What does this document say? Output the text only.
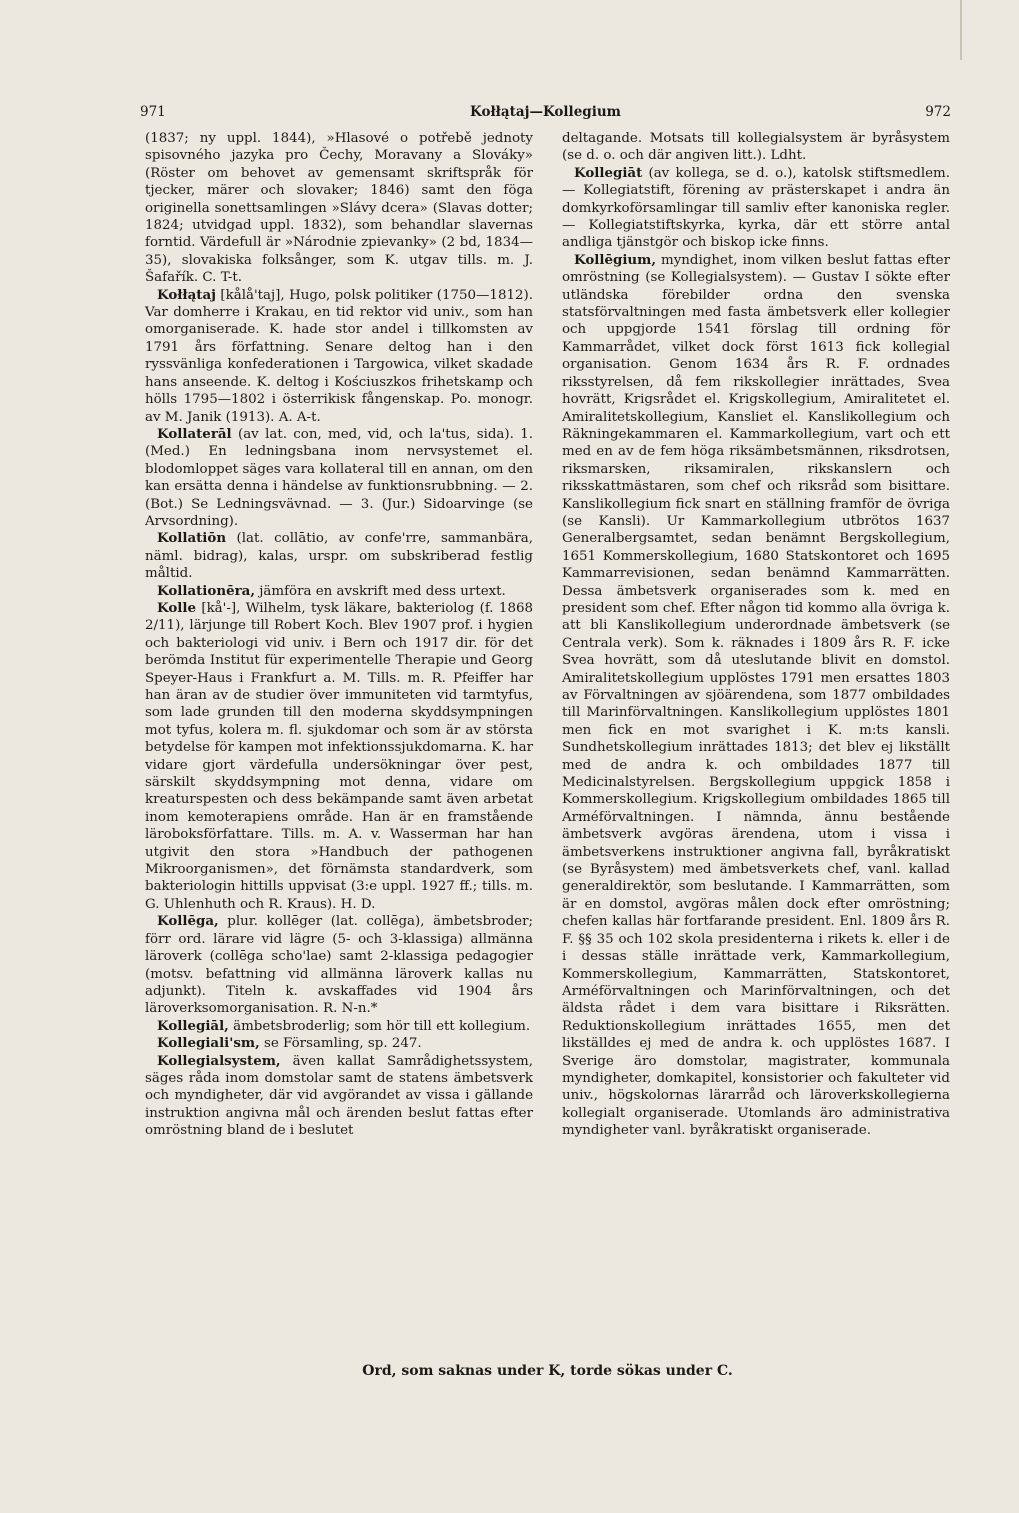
971	Kołłątaj—Kollegium	972

(1837; ny uppl. 1844), »Hlasové o potřebě jednoty spisovného jazyka pro Čechy, Moravany a Slováky» (Röster om behovet av gemensamt skriftspråk för tjecker, märer och slovaker; 1846) samt den föga originella sonettsamlingen »Slávy dcera» (Slavas dotter; 1824; utvidgad uppl. 1832), som behandlar slavernas forntid. Värdefull är »Národnie zpievanky» (2 bd, 1834—35), slovakiska folksånger, som K. utgav tills. m. J. Šafařík. C. T-t.

Kołłątaj [kålå'taj], Hugo, polsk politiker (1750—1812). Var domherre i Krakau, en tid rektor vid univ., som han omorganiserade. K. hade stor andel i tillkomsten av 1791 års författning. Senare deltog han i den ryssvänliga konfederationen i Targowica, vilket skadade hans anseende. K. deltog i Kościuszkos frihetskamp och hölls 1795—1802 i österrikisk fångenskap. Po. monogr. av M. Janik (1913). A. A-t.

Kollaterāl (av lat. con, med, vid, och la'tus, sida). 1. (Med.) En ledningsbana inom nervsystemet el. blodomloppet säges vara kollateral till en annan, om den kan ersätta denna i händelse av funktionsrubbning. — 2. (Bot.) Se Ledningsvävnad. — 3. (Jur.) Sidoarvinge (se Arvsordning).

Kollatiōn (lat. collātio, av confe'rre, sammanbära, näml. bidrag), kalas, urspr. om subskriberad festlig måltid.

Kollationēra, jämföra en avskrift med dess urtext.

Kolle [kå'-], Wilhelm, tysk läkare, bakteriolog (f. 1868 2/11), lärjunge till Robert Koch. Blev 1907 prof. i hygien och bakteriologi vid univ. i Bern och 1917 dir. för det berömda Institut für experimentelle Therapie und Georg Speyer-Haus i Frankfurt a. M. Tills. m. R. Pfeiffer har han äran av de studier över immuniteten vid tarmtyfus, som lade grunden till den moderna skyddsympningen mot tyfus, kolera m. fl. sjukdomar och som är av största betydelse för kampen mot infektionssjukdomarna. K. har vidare gjort värdefulla undersökningar över pest, särskilt skyddsympning mot denna, vidare om kreaturspesten och dess bekämpande samt även arbetat inom kemoterapiens område. Han är en framstående läroboksförfattare. Tills. m. A. v. Wasserman har han utgivit den stora »Handbuch der pathogenen Mikroorganismen», det förnämsta standardverk, som bakteriologin hittills uppvisat (3:e uppl. 1927 ff.; tills. m. G. Uhlenhuth och R. Kraus). H. D.

Kollēga, plur. kollēger (lat. collēga), ämbetsbroder; förr ord. lärare vid lägre (5- och 3-klassiga) allmänna läroverk (collēga scho'lae) samt 2-klassiga pedagogier (motsv. befattning vid allmänna läroverk kallas nu adjunkt). Titeln k. avskaffades vid 1904 års läroverksomorganisation. R. N-n.*

Kollegiāl, ämbetsbroderlig; som hör till ett kollegium.

Kollegiali'sm, se Församling, sp. 247.

Kollegialsystem, även kallat Samrådighetssystem, säges råda inom domstolar samt de statens ämbetsverk och myndigheter, där vid avgörandet av vissa i gällande instruktion angivna mål och ärenden beslut fattas efter omröstning bland de i beslutet

deltagande. Motsats till kollegialsystem är byråsystem (se d. o. och där angiven litt.). Ldht.

Kollegiāt (av kollega, se d. o.), katolsk stiftsmedlem. — Kollegiatstift, förening av prästerskapet i andra än domkyrkoförsamlingar till samliv efter kanoniska regler. — Kollegiatstiftskyrka, kyrka, där ett större antal andliga tjänstgör och biskop icke finns.

Kollēgium, myndighet, inom vilken beslut fattas efter omröstning (se Kollegialsystem). — Gustav I sökte efter utländska förebilder ordna den svenska statsförvaltningen med fasta ämbetsverk eller kollegier och uppgjorde 1541 förslag till ordning för Kammarrådet, vilket dock först 1613 fick kollegial organisation. Genom 1634 års R. F. ordnades riksstyrelsen, då fem rikskollegier inrättades, Svea hovrätt, Krigsrådet el. Krigskollegium, Amiralitetet el. Amiralitetskollegium, Kansliet el. Kanslikollegium och Räkningekammaren el. Kammarkollegium, vart och ett med en av de fem höga riksämbetsmännen, riksdrotsen, riksmarsken, riksamiralen, rikskanslern och riksskattmästaren, som chef och riksråd som bisittare. Kanslikollegium fick snart en ställning framför de övriga (se Kansli). Ur Kammarkollegium utbrötos 1637 Generalbergsamtet, sedan benämnt Bergskollegium, 1651 Kommerskollegium, 1680 Statskontoret och 1695 Kammarrevisionen, sedan benämnd Kammarrätten. Dessa ämbetsverk organiserades som k. med en president som chef. Efter någon tid kommo alla övriga k. att bli Kanslikollegium underordnade ämbetsverk (se Centrala verk). Som k. räknades i 1809 års R. F. icke Svea hovrätt, som då uteslutande blivit en domstol. Amiralitetskollegium upplöstes 1791 men ersattes 1803 av Förvaltningen av sjöärendena, som 1877 ombildades till Marinförvaltningen. Kanslikollegium upplöstes 1801 men fick en mot svarighet i K. m:ts kansli. Sundhetskollegium inrättades 1813; det blev ej likställt med de andra k. och ombildades 1877 till Medicinalstyrelsen. Bergskollegium uppgick 1858 i Kommerskollegium. Krigskollegium ombildades 1865 till Arméförvaltningen. I nämnda, ännu bestående ämbetsverk avgöras ärendena, utom i vissa i ämbetsverkens instruktioner angivna fall, byråkratiskt (se Byråsystem) med ämbetsverkets chef, vanl. kallad generaldirektör, som beslutande. I Kammarrätten, som är en domstol, avgöras målen dock efter omröstning; chefen kallas här fortfarande president. Enl. 1809 års R. F. §§ 35 och 102 skola presidenterna i rikets k. eller i de i dessas ställe inrättade verk, Kammarkollegium, Kommerskollegium, Kammarrätten, Statskontoret, Arméförvaltningen och Marinförvaltningen, och det äldsta rådet i dem vara bisittare i Riksrätten. Reduktionskollegium inrättades 1655, men det likställdes ej med de andra k. och upplöstes 1687. I Sverige äro domstolar, magistrater, kommunala myndigheter, domkapitel, konsistorier och fakulteter vid univ., högskolornas lärarråd och läroverkskollegierna kollegialt organiserade. Utomlands äro administrativa myndigheter vanl. byråkratiskt organiserade.

Ord, som saknas under K, torde sökas under C.
